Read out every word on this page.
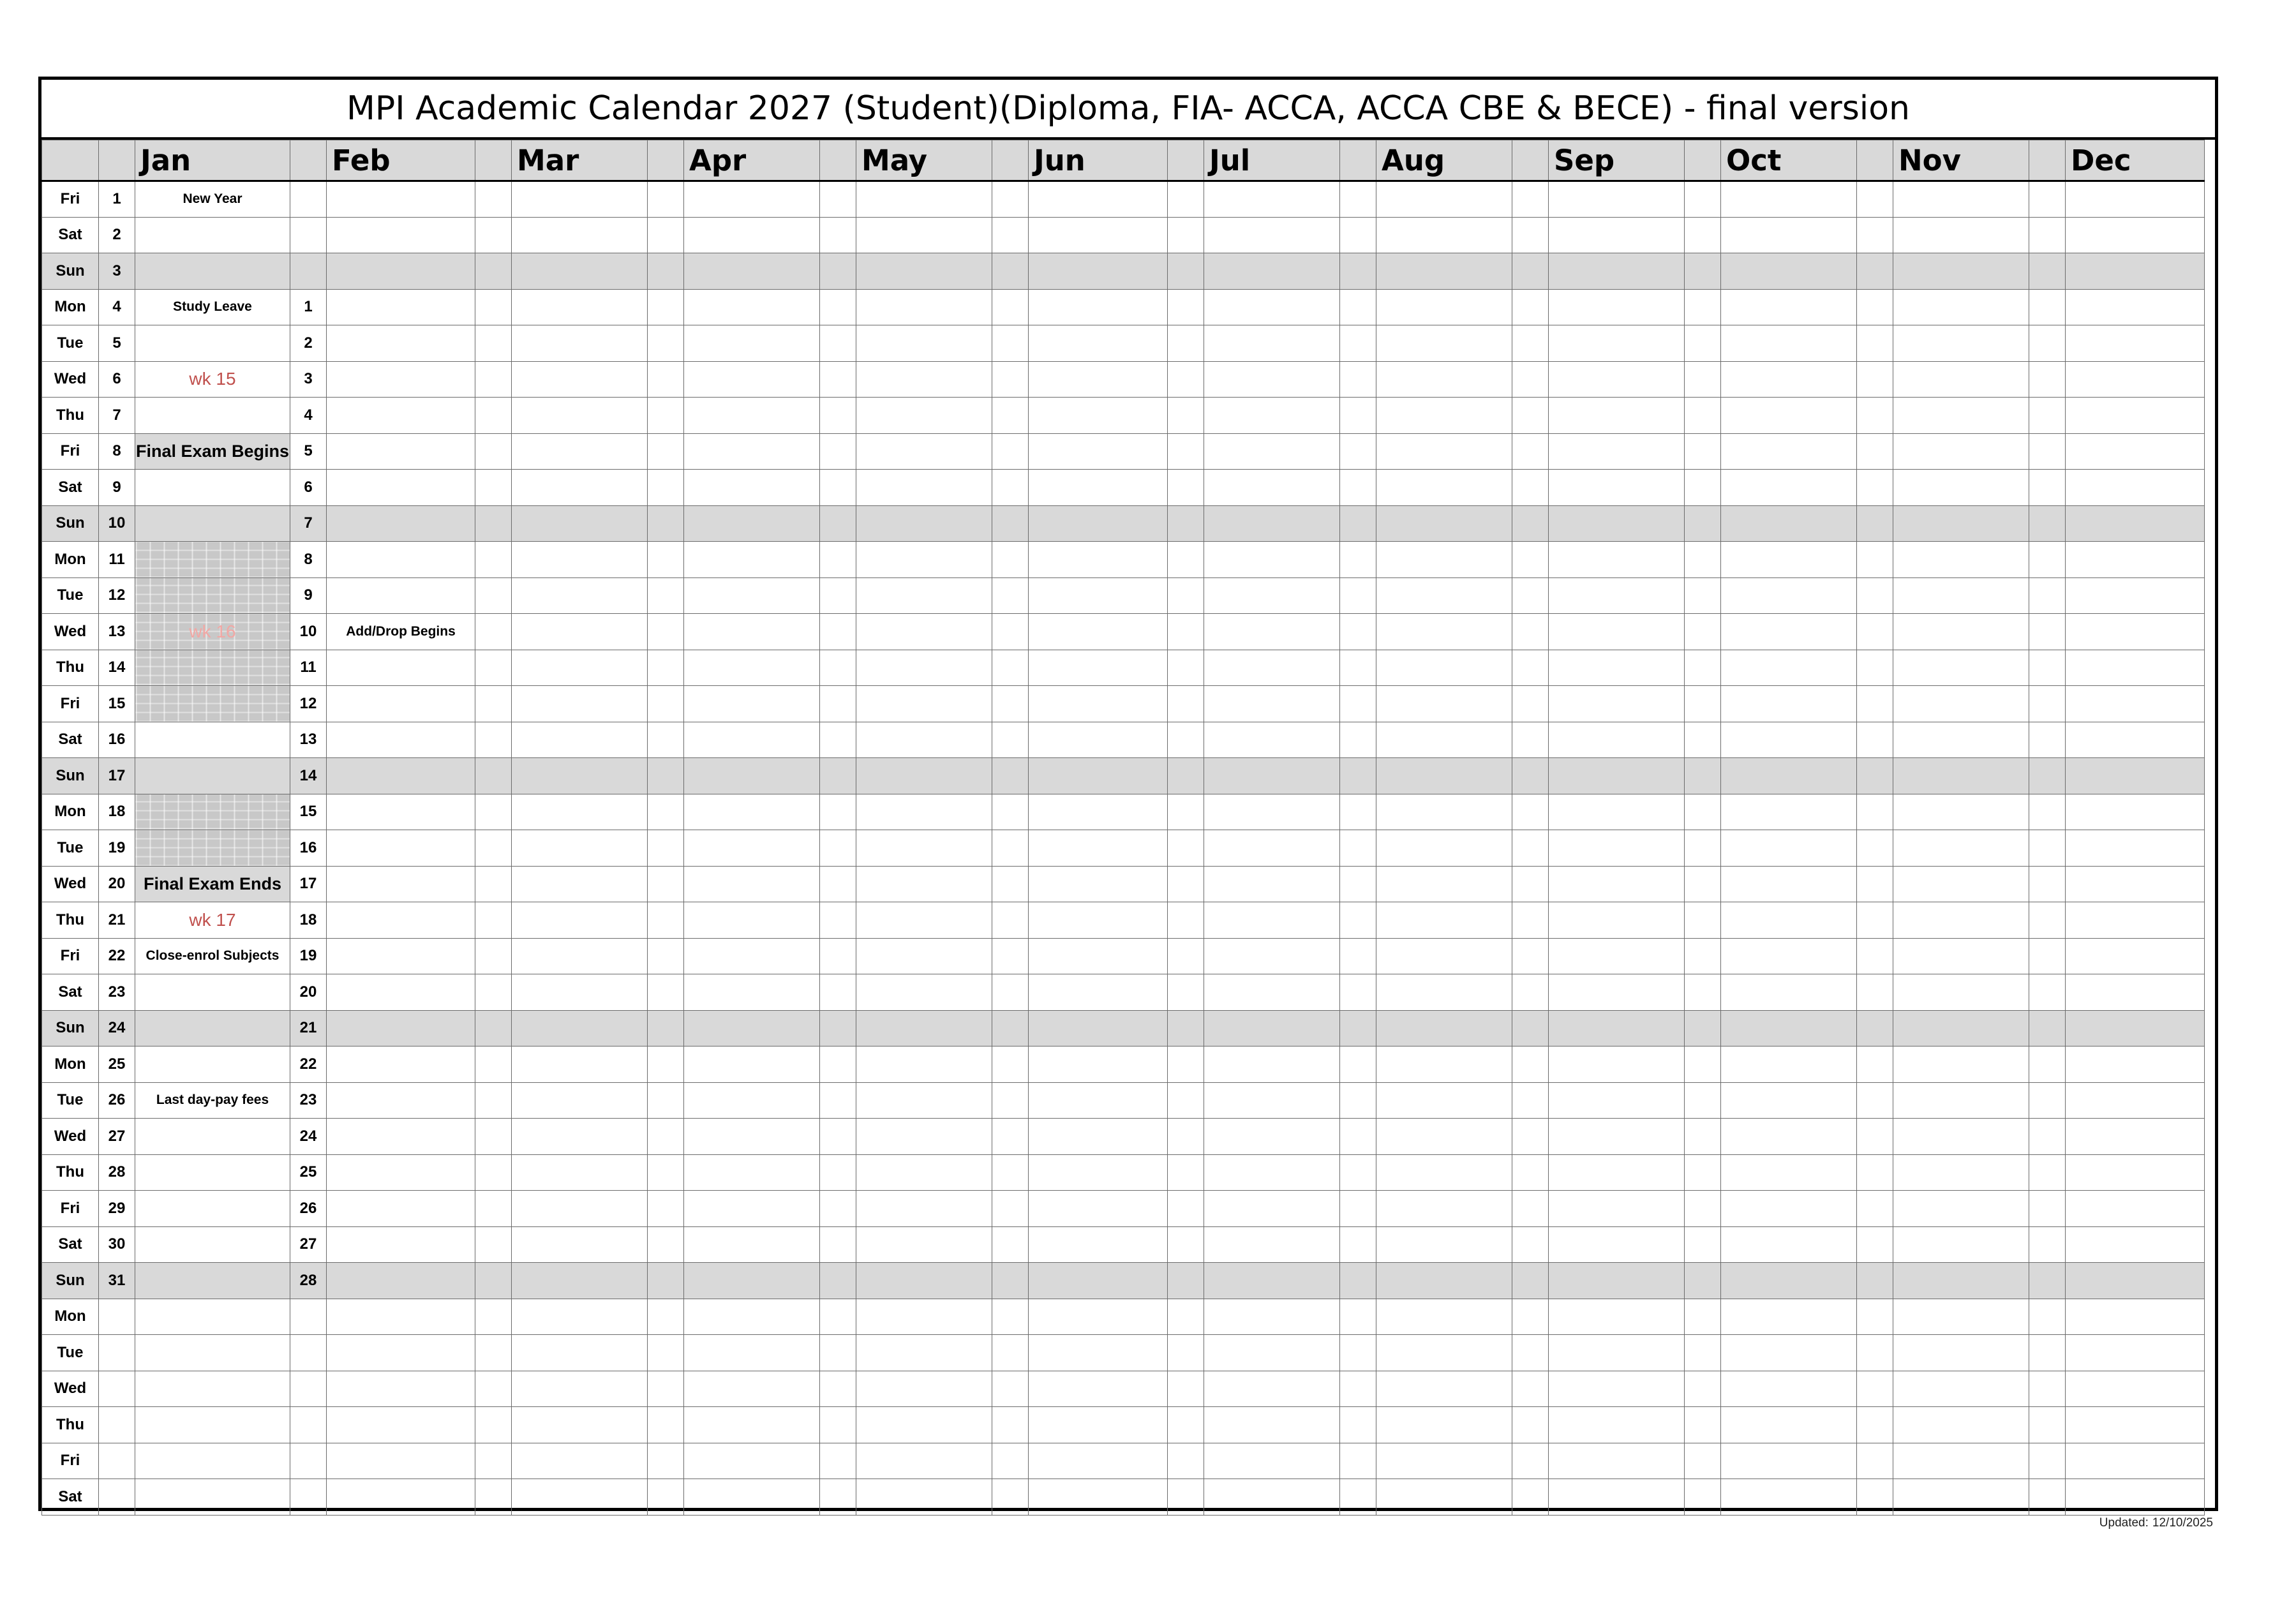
MPI Academic Calendar 2027 (Student)(Diploma, FIA- ACCA, ACCA CBE & BECE) - final version
		Jan		Feb		Mar		Apr		May		Jun		Jul		Aug		Sep		Oct		Nov		Dec
Fri	1	New Year																						
Sat	2																							
Sun	3																							
Mon	4	Study Leave	1																					
Tue	5		2																					
Wed	6	wk 15	3																					
Thu	7		4																					
Fri	8	Final Exam Begins	5																					
Sat	9		6																					
Sun	10		7																					
Mon	11		8																					
Tue	12		9																					
Wed	13	wk 16	10	Add/Drop Begins																				
Thu	14		11																					
Fri	15		12																					
Sat	16		13																					
Sun	17		14																					
Mon	18		15																					
Tue	19		16																					
Wed	20	Final Exam Ends	17																					
Thu	21	wk 17	18																					
Fri	22	Close-enrol Subjects	19																					
Sat	23		20																					
Sun	24		21																					
Mon	25		22																					
Tue	26	Last day-pay fees	23																					
Wed	27		24																					
Thu	28		25																					
Fri	29		26																					
Sat	30		27																					
Sun	31		28																					
Mon																								
Tue																								
Wed																								
Thu																								
Fri																								
Sat																								
Updated: 12/10/2025
